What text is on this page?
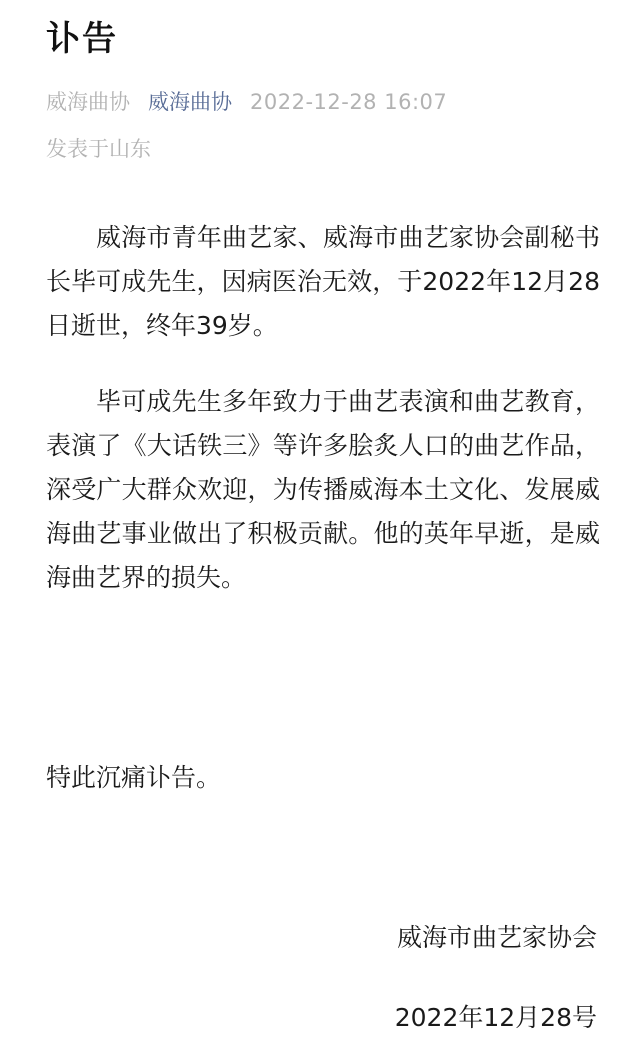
讣告
威海曲协 威海曲协 2022-12-28 16:07
发表于山东

威海市青年曲艺家、威海市曲艺家协会副秘书长毕可成先生，因病医治无效，于2022年12月28日逝世，终年39岁。

毕可成先生多年致力于曲艺表演和曲艺教育，表演了《大话铁三》等许多脍炙人口的曲艺作品，深受广大群众欢迎，为传播威海本土文化、发展威海曲艺事业做出了积极贡献。他的英年早逝，是威海曲艺界的损失。

特此沉痛讣告。

威海市曲艺家协会
2022年12月28号
